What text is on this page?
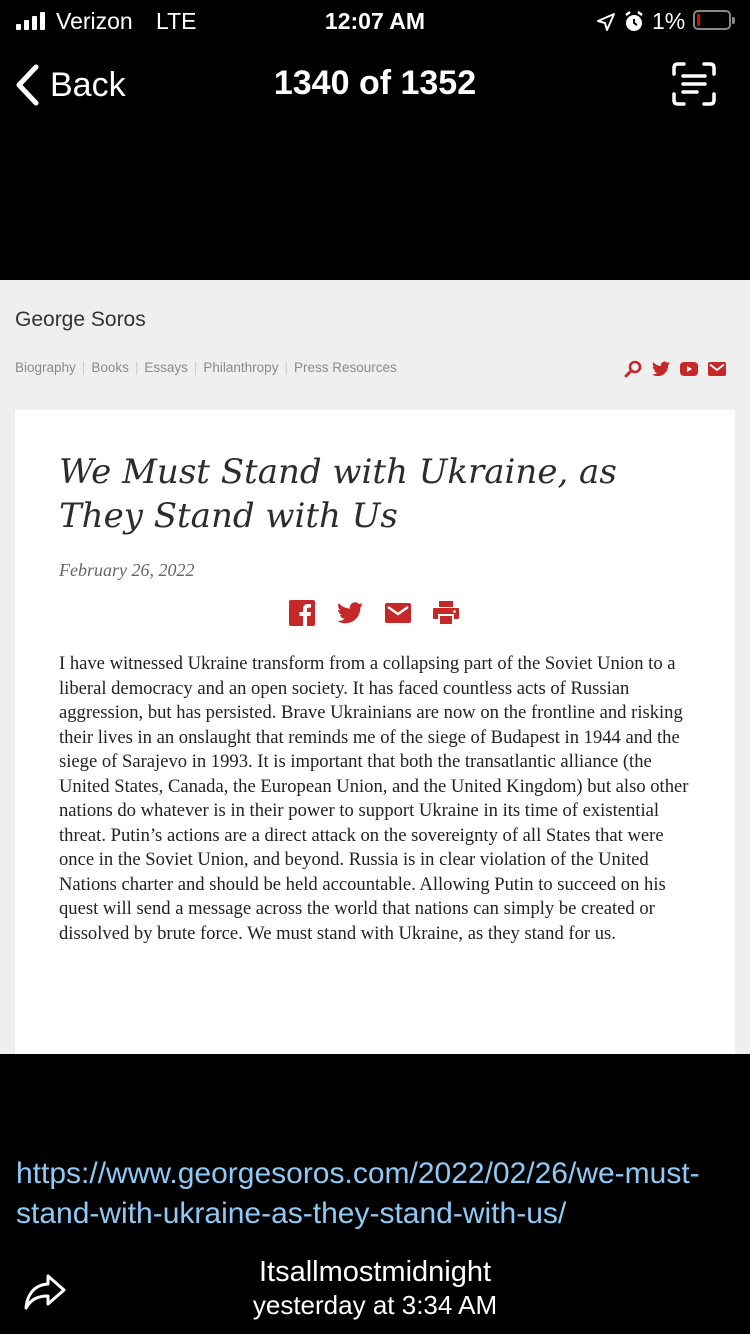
Verizon LTE	12:07 AM	1%
Back	1340 of 1352
George Soros
Biography | Books | Essays | Philanthropy | Press Resources
We Must Stand with Ukraine, as They Stand with Us
February 26, 2022
I have witnessed Ukraine transform from a collapsing part of the Soviet Union to a liberal democracy and an open society. It has faced countless acts of Russian aggression, but has persisted. Brave Ukrainians are now on the frontline and risking their lives in an onslaught that reminds me of the siege of Budapest in 1944 and the siege of Sarajevo in 1993. It is important that both the transatlantic alliance (the United States, Canada, the European Union, and the United Kingdom) but also other nations do whatever is in their power to support Ukraine in its time of existential threat. Putin’s actions are a direct attack on the sovereignty of all States that were once in the Soviet Union, and beyond. Russia is in clear violation of the United Nations charter and should be held accountable. Allowing Putin to succeed on his quest will send a message across the world that nations can simply be created or dissolved by brute force. We must stand with Ukraine, as they stand for us.
https://www.georgesoros.com/2022/02/26/we-must-stand-with-ukraine-as-they-stand-with-us/
Itsallmostmidnight
yesterday at 3:34 AM
